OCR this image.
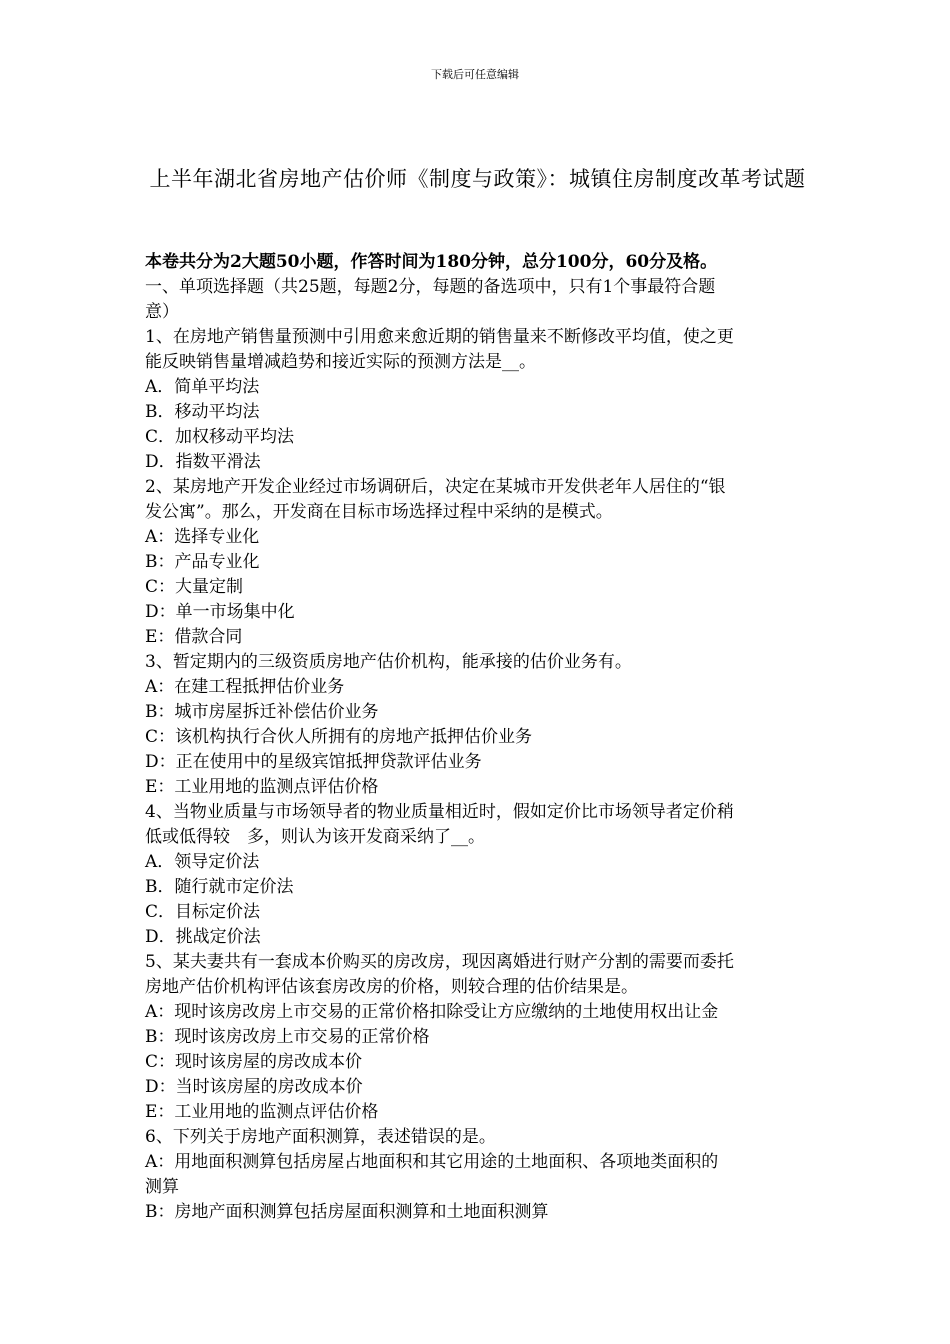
下载后可任意编辑
上半年湖北省房地产估价师《制度与政策》：城镇住房制度改革考试题

本卷共分为2大题50小题，作答时间为180分钟，总分100分，60分及格。

一、单项选择题（共25题，每题2分，每题的备选项中，只有1个事最符合题

意）

1、在房地产销售量预测中引用愈来愈近期的销售量来不断修改平均值，使之更

能反映销售量增减趋势和接近实际的预测方法是__。

A．简单平均法

B．移动平均法

C．加权移动平均法

D．指数平滑法

2、某房地产开发企业经过市场调研后，决定在某城市开发供老年人居住的“银

发公寓”。那么，开发商在目标市场选择过程中采纳的是模式。

A：选择专业化

B：产品专业化

C：大量定制

D：单一市场集中化

E：借款合同

3、暂定期内的三级资质房地产估价机构，能承接的估价业务有。

A：在建工程抵押估价业务

B：城市房屋拆迁补偿估价业务

C：该机构执行合伙人所拥有的房地产抵押估价业务

D：正在使用中的星级宾馆抵押贷款评估业务

E：工业用地的监测点评估价格

4、当物业质量与市场领导者的物业质量相近时，假如定价比市场领导者定价稍

低或低得较　多，则认为该开发商采纳了__。

A．领导定价法

B．随行就市定价法

C．目标定价法

D．挑战定价法

5、某夫妻共有一套成本价购买的房改房，现因离婚进行财产分割的需要而委托

房地产估价机构评估该套房改房的价格，则较合理的估价结果是。

A：现时该房改房上市交易的正常价格扣除受让方应缴纳的土地使用权出让金

B：现时该房改房上市交易的正常价格

C：现时该房屋的房改成本价

D：当时该房屋的房改成本价

E：工业用地的监测点评估价格

6、下列关于房地产面积测算，表述错误的是。

A：用地面积测算包括房屋占地面积和其它用途的土地面积、各项地类面积的

测算

B：房地产面积测算包括房屋面积测算和土地面积测算
